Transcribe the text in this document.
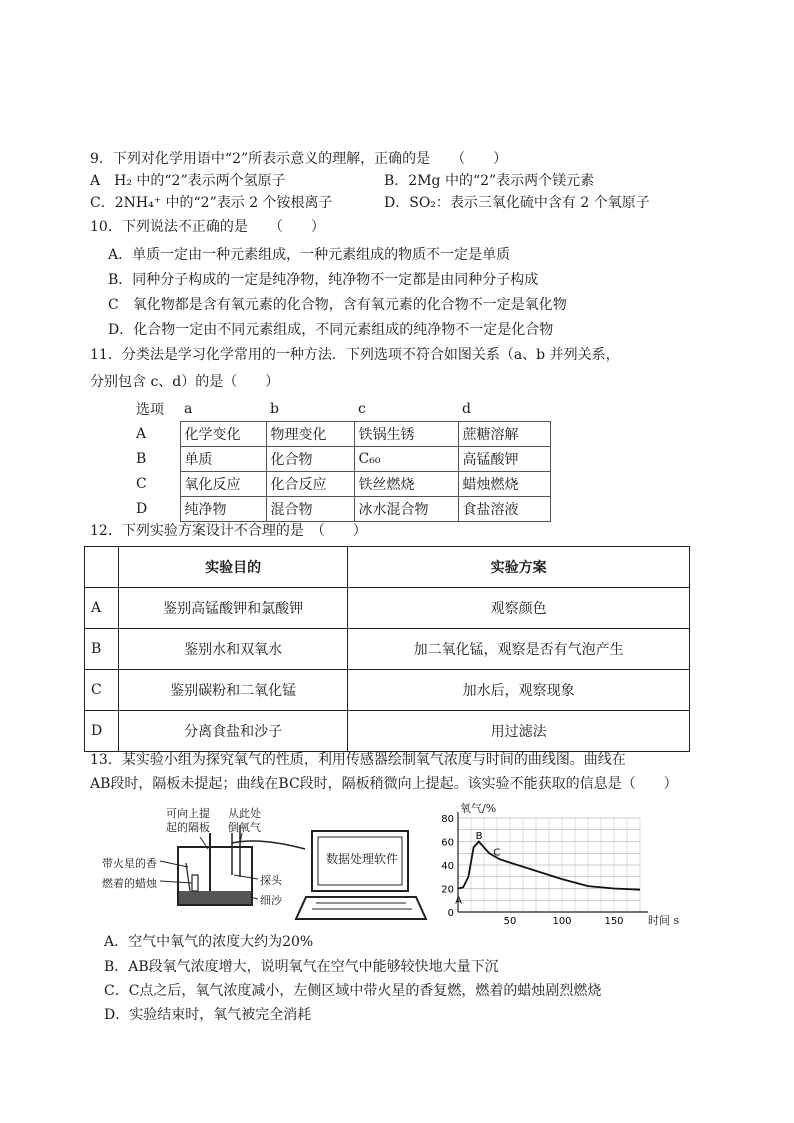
9．下列对化学用语中“2”所表示意义的理解，正确的是　　（　　）
A　H₂ 中的“2”表示两个氢原子	B．2Mg 中的“2”表示两个镁元素
C．2NH₄⁺ 中的“2”表示 2 个铵根离子	D．SO₂：表示三氧化硫中含有 2 个氧原子
10．下列说法不正确的是　　（　　）
A．单质一定由一种元素组成，一种元素组成的物质不一定是单质
B．同种分子构成的一定是纯净物，纯净物不一定都是由同种分子构成
C　氧化物都是含有氧元素的化合物，含有氧元素的化合物不一定是氧化物
D．化合物一定由不同元素组成，不同元素组成的纯净物不一定是化合物
11．分类法是学习化学常用的一种方法．下列选项不符合如图关系（a、b 并列关系，
分别包含 c、d）的是（　　）
选项	a	b	c	d
A	化学变化	物理变化	铁锅生锈	蔗糖溶解
B	单质	化合物	C₆₀	高锰酸钾
C	氧化反应	化合反应	铁丝燃烧	蜡烛燃烧
D	纯净物	混合物	冰水混合物	食盐溶液
12．下列实验方案设计不合理的是　（　　）
	实验目的	实验方案
A	鉴别高锰酸钾和氯酸钾	观察颜色
B	鉴别水和双氧水	加二氧化锰，观察是否有气泡产生
C	鉴别碳粉和二氧化锰	加水后，观察现象
D	分离食盐和沙子	用过滤法
13．某实验小组为探究氧气的性质，利用传感器绘制氧气浓度与时间的曲线图。曲线在
AB段时，隔板未提起；曲线在BC段时，隔板稍微向上提起。该实验不能获取的信息是（　　）
可向上提
起的隔板
从此处
倒氧气
带火星的香
燃着的蜡烛	探头
细沙
数据处理软件
0
20
40
60
80
50	100	150
A
B
C
氧气/%
时间 s
A．空气中氧气的浓度大约为20%
B．AB段氧气浓度增大，说明氧气在空气中能够较快地大量下沉
C．C点之后，氧气浓度减小，左侧区域中带火星的香复燃，燃着的蜡烛剧烈燃烧
D．实验结束时，氧气被完全消耗
